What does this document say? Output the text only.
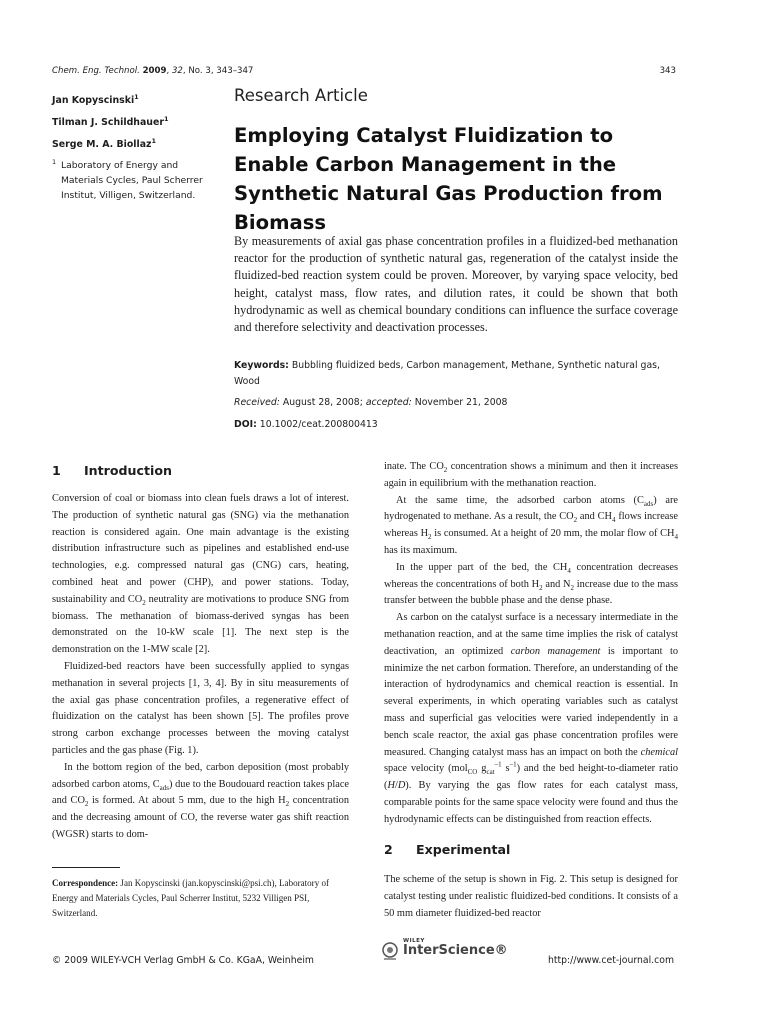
Chem. Eng. Technol. 2009, 32, No. 3, 343–347	343
Jan Kopyscinski$^1$
Tilman J. Schildhauer$^1$
Serge M. A. Biollaz$^1$
1 Laboratory of Energy and Materials Cycles, Paul Scherrer Institut, Villigen, Switzerland.
Research Article
Employing Catalyst Fluidization to Enable Carbon Management in the Synthetic Natural Gas Production from Biomass
By measurements of axial gas phase concentration profiles in a fluidized-bed methanation reactor for the production of synthetic natural gas, regeneration of the catalyst inside the fluidized-bed reaction system could be proven. Moreover, by varying space velocity, bed height, catalyst mass, flow rates, and dilution rates, it could be shown that both hydrodynamic as well as chemical boundary conditions can influence the surface coverage and therefore selectivity and deactivation processes.
Keywords: Bubbling fluidized beds, Carbon management, Methane, Synthetic natural gas, Wood
Received: August 28, 2008; accepted: November 21, 2008
DOI: 10.1002/ceat.200800413
1 Introduction

Conversion of coal or biomass into clean fuels draws a lot of interest. The production of synthetic natural gas (SNG) via the methanation reaction is considered again. One main advantage is the existing distribution infrastructure such as pipelines and established end-use technologies, e.g. compressed natural gas (CNG) cars, heating, combined heat and power (CHP), and power stations. Today, sustainability and $CO_2$ neutrality are motivations to produce SNG from biomass. The methanation of biomass-derived syngas has been demonstrated on the 10-kW scale [1]. The next step is the demonstration on the 1-MW scale [2].

Fluidized-bed reactors have been successfully applied to syngas methanation in several projects [1, 3, 4]. By in situ measurements of the axial gas phase concentration profiles, a regenerative effect of fluidization on the catalyst has been shown [5]. The profiles prove strong carbon exchange processes between the moving catalyst particles and the gas phase (Fig. 1).

In the bottom region of the bed, carbon deposition (most probably adsorbed carbon atoms, $C_{ads}$) due to the Boudouard reaction takes place and $CO_2$ is formed. At about 5 mm, due to the high $H_2$ concentration and the decreasing amount of CO, the reverse water gas shift reaction (WGSR) starts to dom-

inate. The $CO_2$ concentration shows a minimum and then it increases again in equilibrium with the methanation reaction.

At the same time, the adsorbed carbon atoms $(C_{ads})$ are hydrogenated to methane. As a result, the $CO_2$ and $CH_4$ flows increase whereas $H_2$ is consumed. At a height of 20 mm, the molar flow of $CH_4$ has its maximum.

In the upper part of the bed, the $CH_4$ concentration decreases whereas the concentrations of both $H_2$ and $N_2$ increase due to the mass transfer between the bubble phase and the dense phase.

As carbon on the catalyst surface is a necessary intermediate in the methanation reaction, and at the same time implies the risk of catalyst deactivation, an optimized carbon management is important to minimize the net carbon formation. Therefore, an understanding of the interaction of hydrodynamics and chemical reaction is essential. In several experiments, in which operating variables such as catalyst mass and superficial gas velocities were varied independently in a bench scale reactor, the axial gas phase concentration profiles were measured. Changing catalyst mass has an impact on both the chemical space velocity (mol$_{CO}$ $g_{cat}^{-1}$ $s^{-1}$) and the bed height-to-diameter ratio (H/D). By varying the gas flow rates for each catalyst mass, comparable points for the same space velocity were found and thus the hydrodynamic effects can be distinguished from reaction effects.

2 Experimental
The scheme of the setup is shown in Fig. 2. This setup is designed for catalyst testing under realistic fluidized-bed conditions. It consists of a 50 mm diameter fluidized-bed reactor
Correspondence: Jan Kopyscinski (jan.kopyscinski@psi.ch), Laboratory of Energy and Materials Cycles, Paul Scherrer Institut, 5232 Villigen PSI, Switzerland.
© 2009 WILEY-VCH Verlag GmbH & Co. KGaA, Weinheim
WILEY
InterScience®
http://www.cet-journal.com
